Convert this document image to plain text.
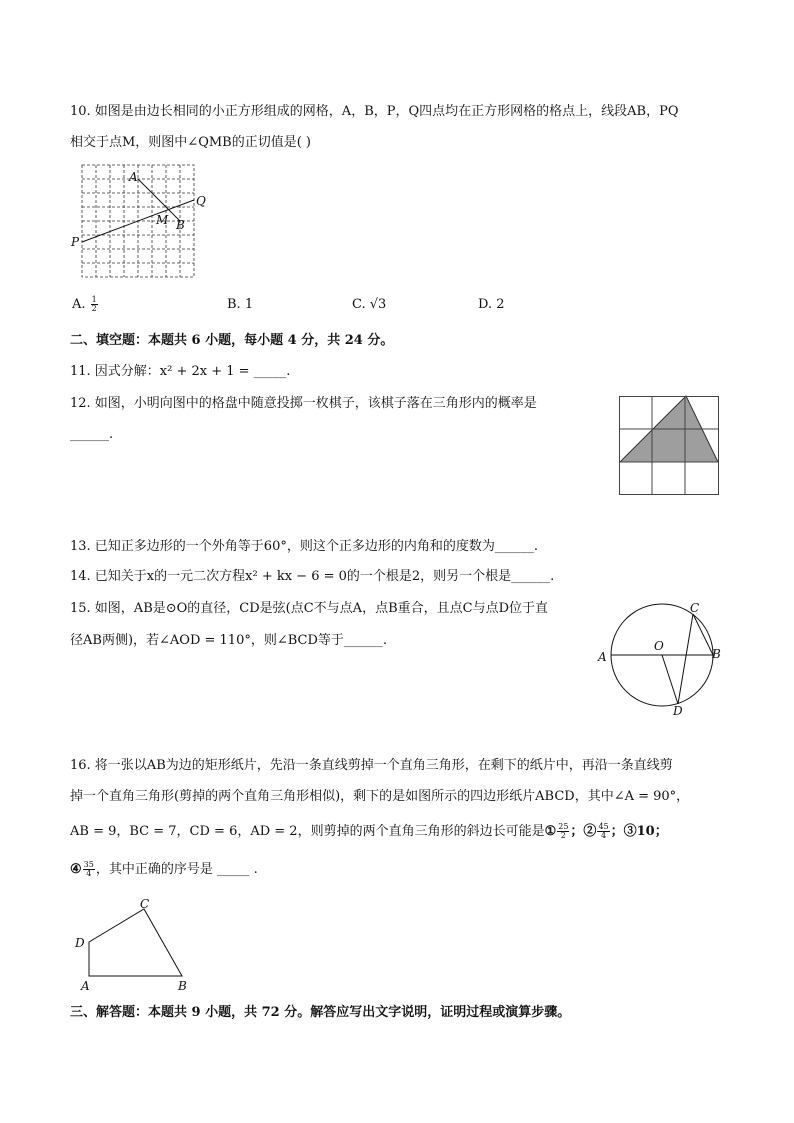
10. 如图是由边长相同的小正方形组成的网格，A，B，P，Q四点均在正方形网格的格点上，线段AB，PQ
相交于点M，则图中∠QMB的正切值是( )
A
Q
M B
P
A. $\frac{1}{2}$	B. 1	C. √3	D. 2
二、填空题：本题共 6 小题，每小题 4 分，共 24 分。
11. 因式分解：x² + 2x + 1 = _____.
12. 如图，小明向图中的格盘中随意投掷一枚棋子，该棋子落在三角形内的概率是
______.
13. 已知正多边形的一个外角等于60°，则这个正多边形的内角和的度数为______.
14. 已知关于x的一元二次方程x² + kx − 6 = 0的一个根是2，则另一个根是______.
15. 如图，AB是⊙O的直径，CD是弦(点C不与点A，点B重合，且点C与点D位于直
径AB两侧)，若∠AOD = 110°，则∠BCD等于______.
A
O
B
C
D
16. 将一张以AB为边的矩形纸片，先沿一条直线剪掉一个直角三角形，在剩下的纸片中，再沿一条直线剪
掉一个直角三角形(剪掉的两个直角三角形相似)，剩下的是如图所示的四边形纸片ABCD，其中∠A = 90°，
AB = 9，BC = 7，CD = 6，AD = 2，则剪掉的两个直角三角形的斜边长可能是① $\frac{25}{2}$ ；② $\frac{45}{4}$ ；③10；
④ $\frac{35}{4}$ ，其中正确的序号是 _____ .
A	B
C
D
三、解答题：本题共 9 小题，共 72 分。解答应写出文字说明，证明过程或演算步骤。
